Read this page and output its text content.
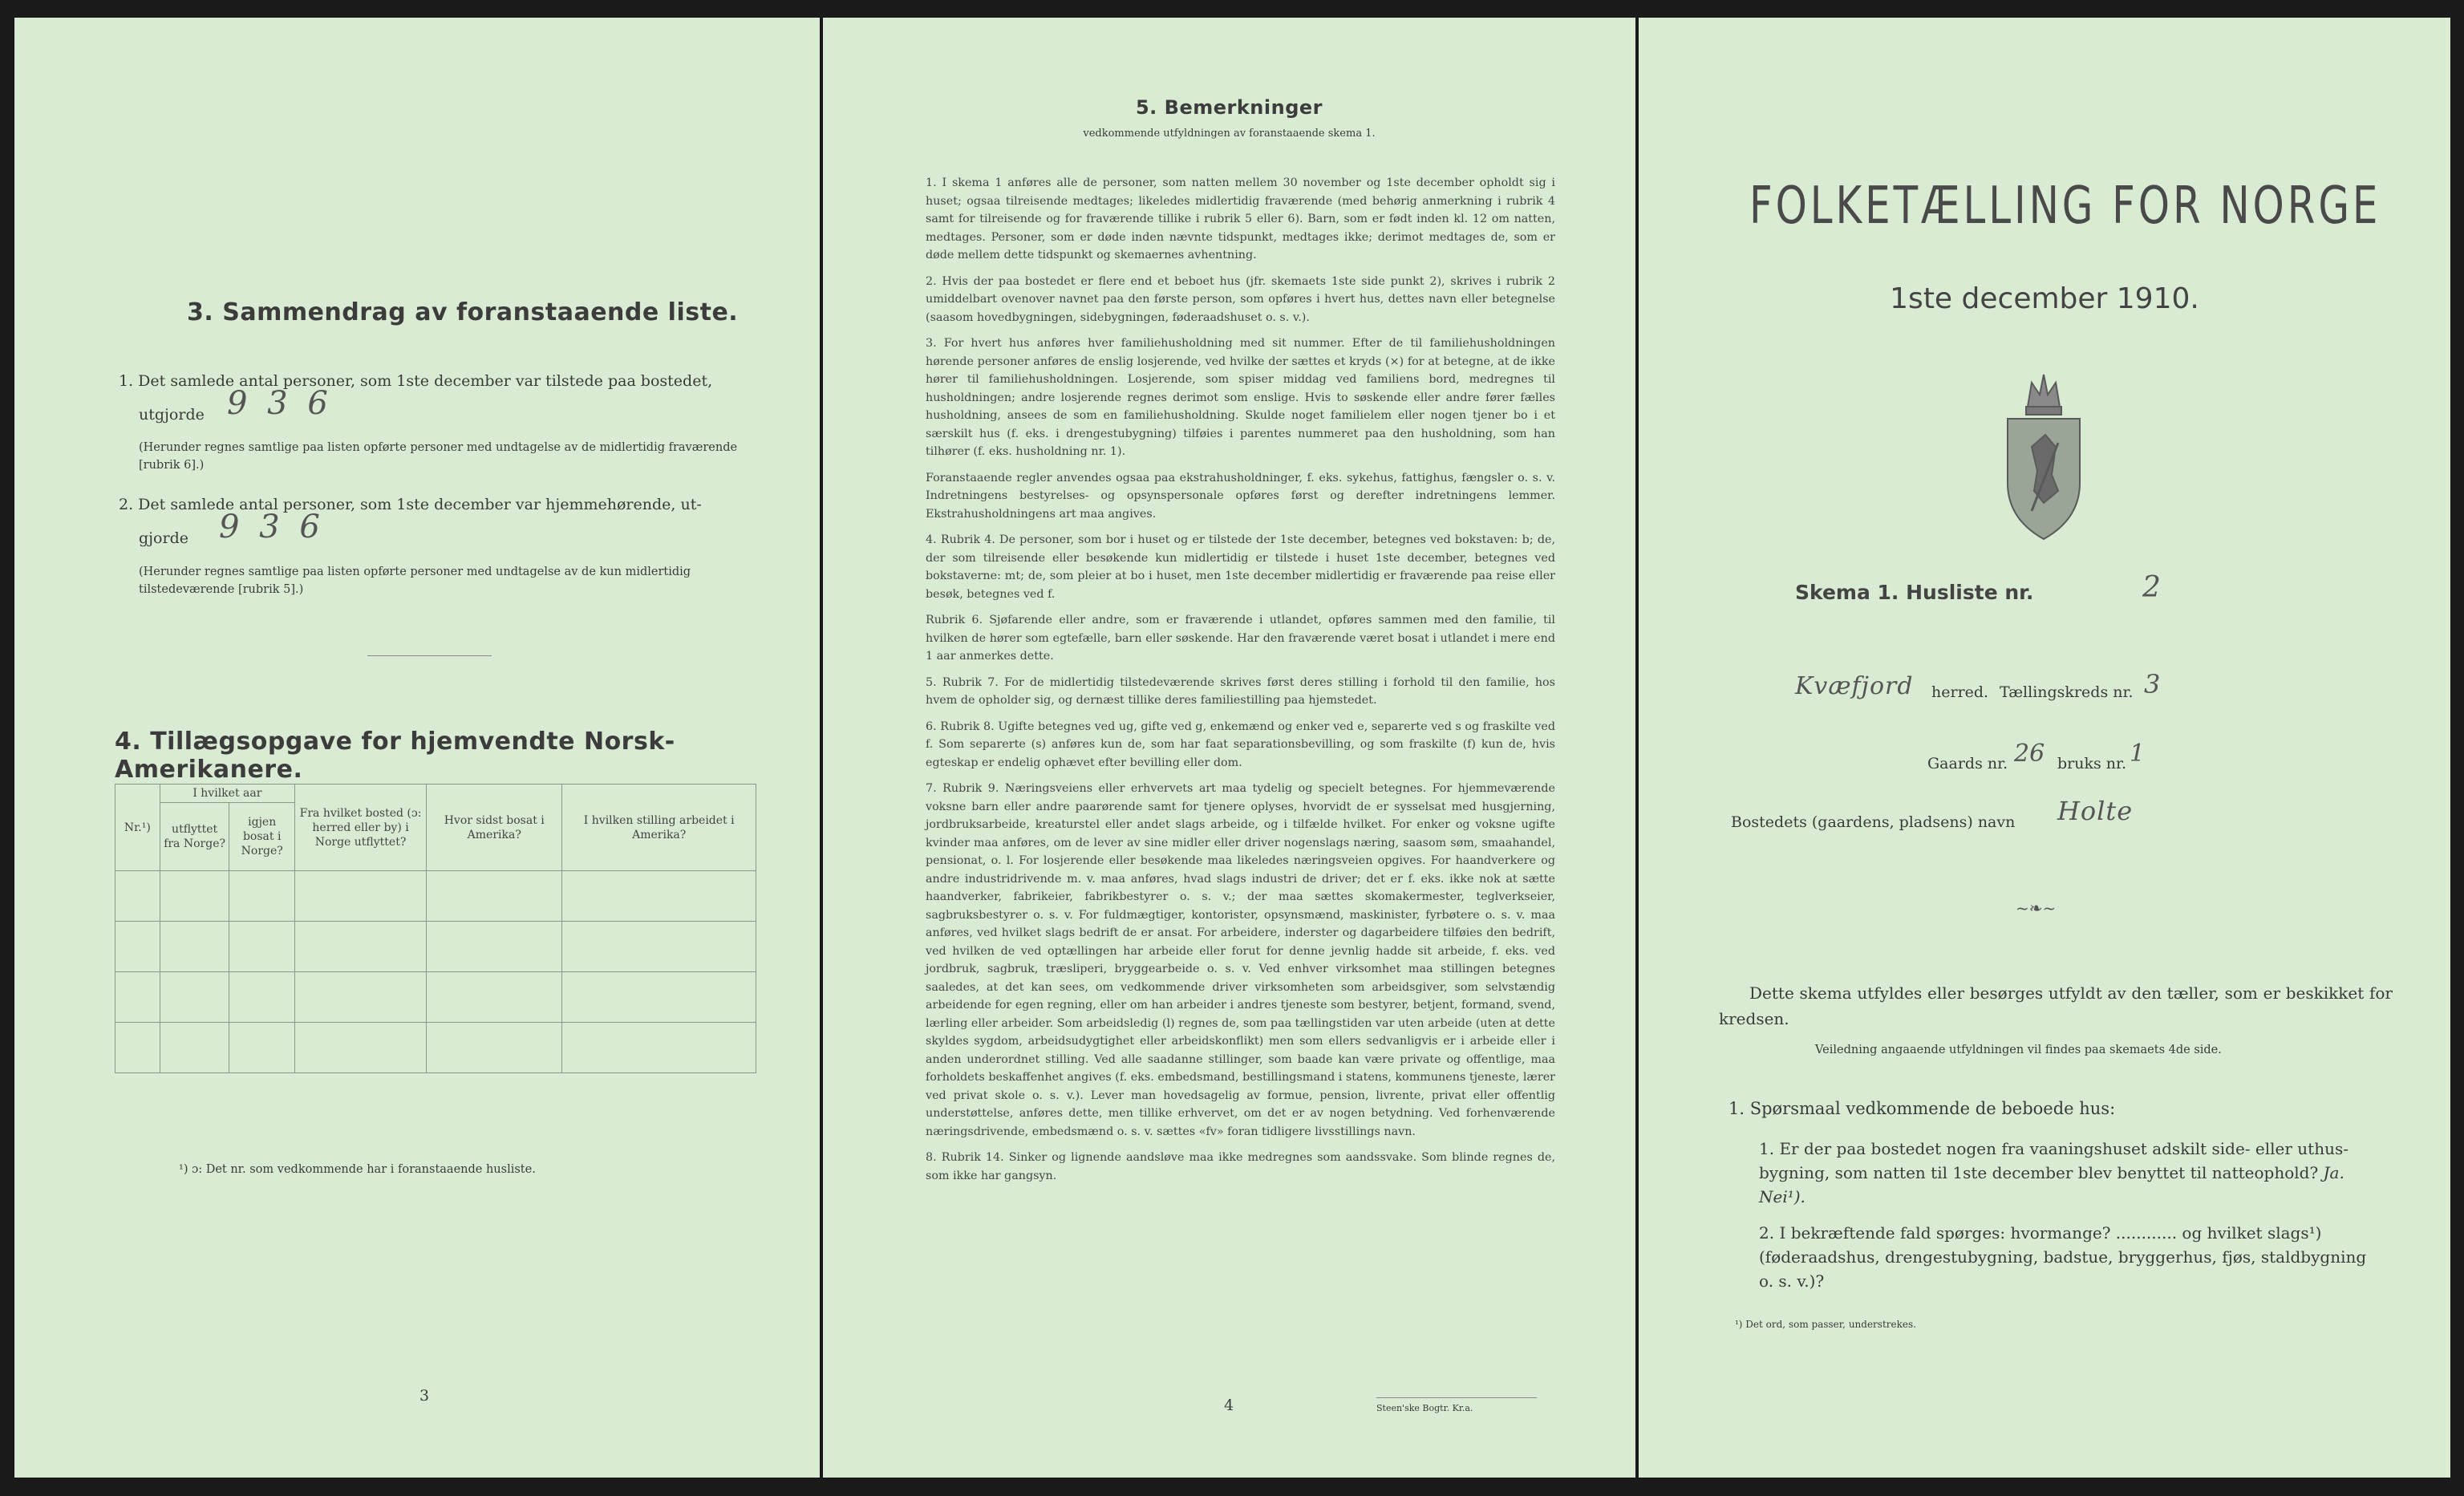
3. Sammendrag av foranstaaende liste.
1. Det samlede antal personer, som 1ste december var tilstede paa bostedet,
utgjorde 9 3 6
(Herunder regnes samtlige paa listen opførte personer med undtagelse av de midlertidig fraværende [rubrik 6].)
2. Det samlede antal personer, som 1ste december var hjemmehørende, ut-
gjorde 9 3 6
(Herunder regnes samtlige paa listen opførte personer med undtagelse av de kun midlertidig tilstedeværende [rubrik 5].)
4. Tillægsopgave for hjemvendte Norsk-Amerikanere.
Nr.¹)	I hvilket aar		Fra hvilket bosted (ɔ: herred eller by) i Norge utflyttet?	Hvor sidst bosat i Amerika?	I hvilken stilling arbeidet i Amerika?
	utflyttet fra Norge?	igjen bosat i Norge?			

¹) ɔ: Det nr. som vedkommende har i foranstaaende husliste.
3
5. Bemerkninger
vedkommende utfyldningen av foranstaaende skema 1.

1. I skema 1 anføres alle de personer, som natten mellem 30 november og 1ste december opholdt sig i huset; ogsaa tilreisende medtages; likeledes midlertidig fraværende (med behørig anmerkning i rubrik 4 samt for tilreisende og for fraværende tillike i rubrik 5 eller 6). Barn, som er født inden kl. 12 om natten, medtages. Personer, som er døde inden nævnte tidspunkt, medtages ikke; derimot medtages de, som er døde mellem dette tidspunkt og skemaernes avhentning.

2. Hvis der paa bostedet er flere end et beboet hus (jfr. skemaets 1ste side punkt 2), skrives i rubrik 2 umiddelbart ovenover navnet paa den første person, som opføres i hvert hus, dettes navn eller betegnelse (saasom hovedbygningen, sidebygningen, føderaadshuset o. s. v.).

3. For hvert hus anføres hver familiehusholdning med sit nummer. Efter de til familiehusholdningen hørende personer anføres de enslig losjerende, ved hvilke der sættes et kryds (×) for at betegne, at de ikke hører til familiehusholdningen. Losjerende, som spiser middag ved familiens bord, medregnes til husholdningen; andre losjerende regnes derimot som enslige. Hvis to søskende eller andre fører fælles husholdning, ansees de som en familiehusholdning. Skulde noget familielem eller nogen tjener bo i et særskilt hus (f. eks. i drengestubygning) tilføies i parentes nummeret paa den husholdning, som han tilhører (f. eks. husholdning nr. 1).

Foranstaaende regler anvendes ogsaa paa ekstrahusholdninger, f. eks. sykehus, fattighus, fængsler o. s. v. Indretningens bestyrelses- og opsynspersonale opføres først og derefter indretningens lemmer. Ekstrahusholdningens art maa angives.

4. Rubrik 4. De personer, som bor i huset og er tilstede der 1ste december, betegnes ved bokstaven: b; de, der som tilreisende eller besøkende kun midlertidig er tilstede i huset 1ste december, betegnes ved bokstaverne: mt; de, som pleier at bo i huset, men 1ste december midlertidig er fraværende paa reise eller besøk, betegnes ved f.

Rubrik 6. Sjøfarende eller andre, som er fraværende i utlandet, opføres sammen med den familie, til hvilken de hører som egtefælle, barn eller søskende. Har den fraværende været bosat i utlandet i mere end 1 aar anmerkes dette.

5. Rubrik 7. For de midlertidig tilstedeværende skrives først deres stilling i forhold til den familie, hos hvem de opholder sig, og dernæst tillike deres familiestilling paa hjemstedet.

6. Rubrik 8. Ugifte betegnes ved ug, gifte ved g, enkemænd og enker ved e, separerte ved s og fraskilte ved f. Som separerte (s) anføres kun de, som har faat separationsbevilling, og som fraskilte (f) kun de, hvis egteskap er endelig ophævet efter bevilling eller dom.

7. Rubrik 9. Næringsveiens eller erhvervets art maa tydelig og specielt betegnes. For hjemmeværende voksne barn eller andre paarørende samt for tjenere oplyses, hvorvidt de er sysselsat med husgjerning, jordbruksarbeide, kreaturstel eller andet slags arbeide, og i tilfælde hvilket. For enker og voksne ugifte kvinder maa anføres, om de lever av sine midler eller driver nogenslags næring, saasom søm, smaahandel, pensionat, o. l. For losjerende eller besøkende maa likeledes næringsveien opgives. For haandverkere og andre industridrivende m. v. maa anføres, hvad slags industri de driver; det er f. eks. ikke nok at sætte haandverker, fabrikeier, fabrikbestyrer o. s. v.; der maa sættes skomakermester, teglverkseier, sagbruksbestyrer o. s. v. For fuldmægtiger, kontorister, opsynsmænd, maskinister, fyrbøtere o. s. v. maa anføres, ved hvilket slags bedrift de er ansat. For arbeidere, inderster og dagarbeidere tilføies den bedrift, ved hvilken de ved optællingen har arbeide eller forut for denne jevnlig hadde sit arbeide, f. eks. ved jordbruk, sagbruk, træsliperi, bryggearbeide o. s. v. Ved enhver virksomhet maa stillingen betegnes saaledes, at det kan sees, om vedkommende driver virksomheten som arbeidsgiver, som selvstændig arbeidende for egen regning, eller om han arbeider i andres tjeneste som bestyrer, betjent, formand, svend, lærling eller arbeider. Som arbeidsledig (l) regnes de, som paa tællingstiden var uten arbeide (uten at dette skyldes sygdom, arbeidsudygtighet eller arbeidskonflikt) men som ellers sedvanligvis er i arbeide eller i anden underordnet stilling. Ved alle saadanne stillinger, som baade kan være private og offentlige, maa forholdets beskaffenhet angives (f. eks. embedsmand, bestillingsmand i statens, kommunens tjeneste, lærer ved privat skole o. s. v.). Lever man hovedsagelig av formue, pension, livrente, privat eller offentlig understøttelse, anføres dette, men tillike erhvervet, om det er av nogen betydning. Ved forhenværende næringsdrivende, embedsmænd o. s. v. sættes «fv» foran tidligere livsstillings navn.

8. Rubrik 14. Sinker og lignende aandsløve maa ikke medregnes som aandssvake. Som blinde regnes de, som ikke har gangsyn.

4	Steen'ske Bogtr. Kr.a.
FOLKETÆLLING FOR NORGE
1ste december 1910.
Skema 1. Husliste nr.	2
Kvæfjord herred. Tællingskreds nr. 3
Gaards nr. 26 bruks nr. 1
Bostedets (gaardens, pladsens) navn Holte
~❧~
Dette skema utfyldes eller besørges utfyldt av den tæller, som er beskikket for kredsen.
Veiledning angaaende utfyldningen vil findes paa skemaets 4de side.
1. Spørsmaal vedkommende de beboede hus:
1. Er der paa bostedet nogen fra vaaningshuset adskilt side- eller uthus-bygning, som natten til 1ste december blev benyttet til natteophold? Ja. Nei¹).
2. I bekræftende fald spørges: hvormange? ............ og hvilket slags¹) (føderaadshus, drengestubygning, badstue, bryggerhus, fjøs, staldbygning o. s. v.)?
¹) Det ord, som passer, understrekes.
